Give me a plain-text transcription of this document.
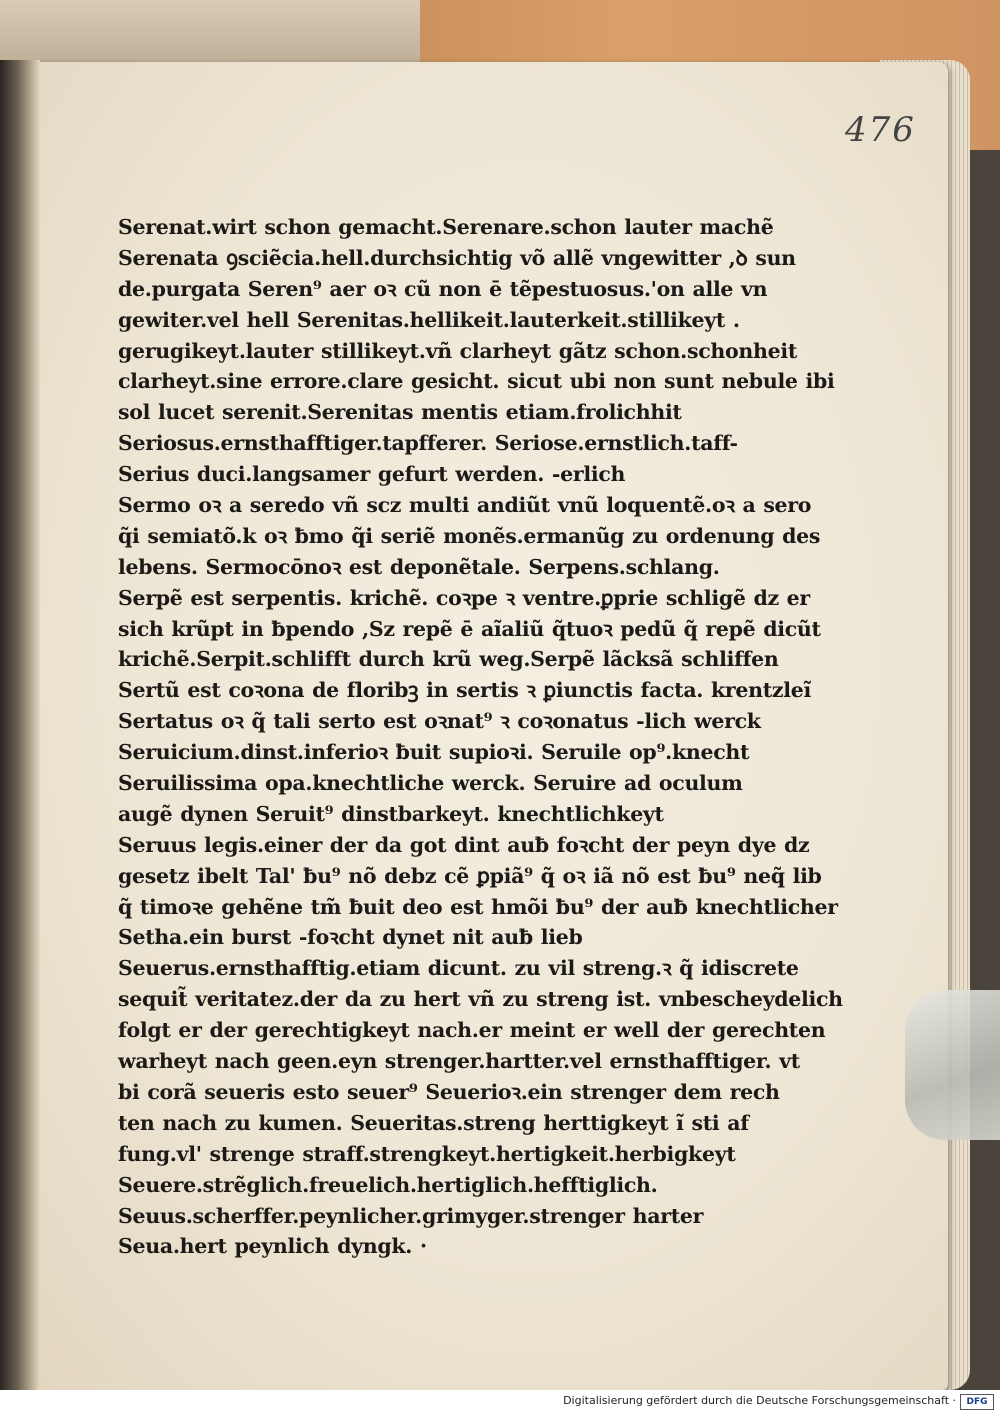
476
Serenat.wirt schon gemacht.Serenare.schon lauter machẽ
Serenata ꝯsciẽcia.hell.durchsichtig võ allẽ vngewitter ,ꝺ sun
de.purgata Seren⁹ aer oꝛ cũ non ē tẽpestuosus.'on alle vn
gewiter.vel hell Serenitas.hellikeit.lauterkeit.stillikeyt .
gerugikeyt.lauter stillikeyt.vñ clarheyt gãtz schon.schonheit
clarheyt.sine errore.clare gesicht. sicut ubi non sunt nebule ibi
sol lucet serenit.Serenitas mentis etiam.frolichhit
Seriosus.ernsthafftiger.tapfferer. Seriose.ernstlich.taff-
Serius duci.langsamer gefurt werden. -erlich
Sermo oꝛ a seredo vñ scz multi andiũt vnũ loquentẽ.oꝛ a sero
q̃i semiatõ.k oꝛ ƀmo q̃i seriẽ monẽs.ermanũg zu ordenung des
lebens. Sermocōnoꝛ est deponẽtale. Serpens.schlang.
Serpẽ est serpentis. krichẽ. coꝛpe ꝛ ventre.ꝑprie schligẽ dz er
sich krũpt in ƀpendo ,Sz repẽ ē aĩaliũ q̃tuoꝛ pedũ q̃ repẽ dicũt
krichẽ.Serpit.schlifft durch krũ weg.Serpẽ lãcksã schliffen
Sertũ est coꝛona de floribꝫ in sertis ꝛ ꝑiunctis facta. krentzleĩ
Sertatus oꝛ q̃ tali serto est oꝛnat⁹ ꝛ coꝛonatus -lich werck
Seruicium.dinst.inferioꝛ ƀuit supioꝛi. Seruile op⁹.knecht
Seruilissima opa.knechtliche werck. Seruire ad oculum
augẽ dynen Seruit⁹ dinstbarkeyt. knechtlichkeyt
Seruus legis.einer der da got dint auƀ foꝛcht der peyn dye dz
gesetz ibelt Tal' ƀu⁹ nõ debz cẽ ꝑpiã⁹ q̃ oꝛ iã nõ est ƀu⁹ neq̃ lib
q̃ timoꝛe gehẽne tm̃ ƀuit deo est hmõi ƀu⁹ der auƀ knechtlicher
Setha.ein burst -foꝛcht dynet nit auƀ lieb
Seuerus.ernsthafftig.etiam dicunt. zu vil streng.ꝛ q̃ idiscrete
sequit̃ veritatez.der da zu hert vñ zu streng ist. vnbescheydelich
folgt er der gerechtigkeyt nach.er meint er well der gerechten
warheyt nach geen.eyn strenger.hartter.vel ernsthafftiger. vt
bi corã seueris esto seuer⁹ Seuerioꝛ.ein strenger dem rech
ten nach zu kumen. Seueritas.streng herttigkeyt ĩ sti af
fung.vl' strenge straff.strengkeyt.hertigkeit.herbigkeyt
Seuere.strẽglich.freuelich.hertiglich.hefftiglich.
Seuus.scherffer.peynlicher.grimyger.strenger harter
Seua.hert peynlich dyngk. ·
Digitalisierung gefördert durch die Deutsche Forschungsgemeinschaft ·	DFG
